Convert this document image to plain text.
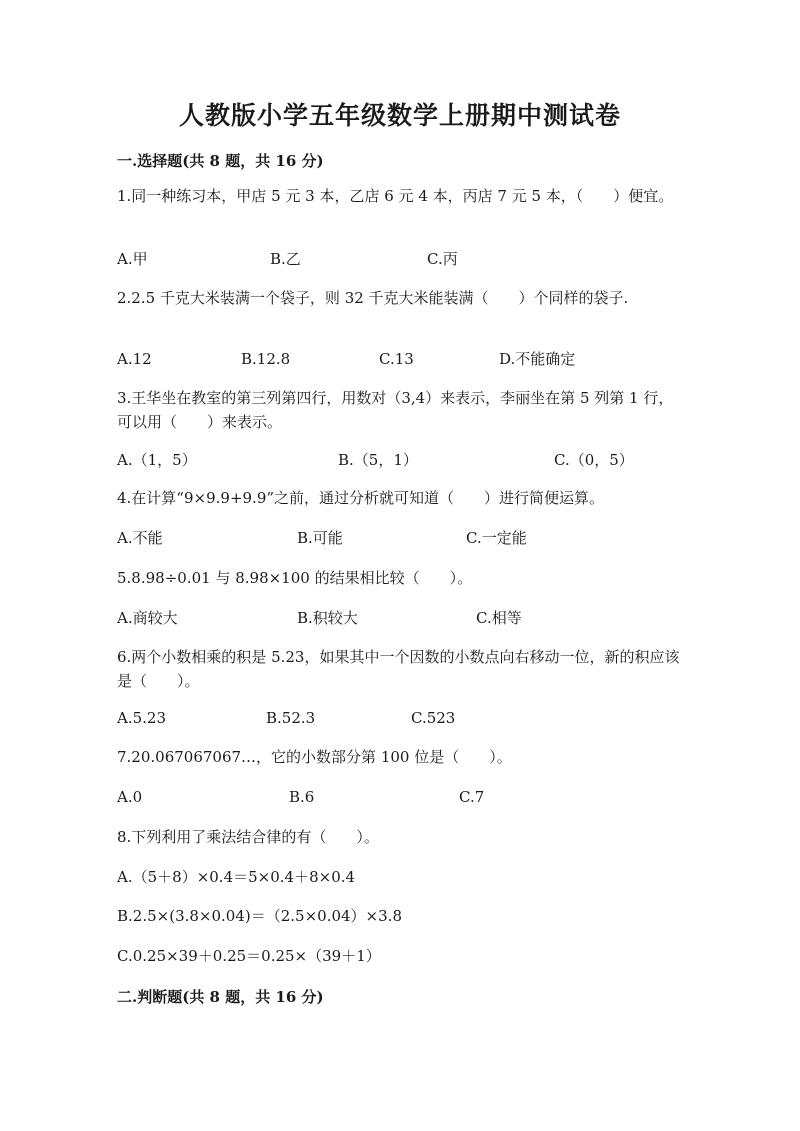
人教版小学五年级数学上册期中测试卷
一.选择题(共 8 题，共 16 分)
1.同一种练习本，甲店 5 元 3 本，乙店 6 元 4 本，丙店 7 元 5 本，（　　）便宜。
A.甲	B.乙	C.丙
2.2.5 千克大米装满一个袋子，则 32 千克大米能装满（　　）个同样的袋子.
A.12	B.12.8	C.13	D.不能确定
3.王华坐在教室的第三列第四行，用数对（3,4）来表示，李丽坐在第 5 列第 1 行，可以用（　　）来表示。
A.（1，5）	B.（5，1）	C.（0，5）
4.在计算“9×9.9+9.9”之前，通过分析就可知道（　　）进行简便运算。
A.不能	B.可能	C.一定能
5.8.98÷0.01 与 8.98×100 的结果相比较（　　）。
A.商较大	B.积较大	C.相等
6.两个小数相乘的积是 5.23，如果其中一个因数的小数点向右移动一位，新的积应该是（　　）。
A.5.23	B.52.3	C.523
7.20.067067067…，它的小数部分第 100 位是（　　）。
A.0	B.6	C.7
8.下列利用了乘法结合律的有（　　）。
A.（5＋8）×0.4＝5×0.4＋8×0.4
B.2.5×(3.8×0.04)＝（2.5×0.04）×3.8
C.0.25×39＋0.25＝0.25×（39＋1）
二.判断题(共 8 题，共 16 分)
